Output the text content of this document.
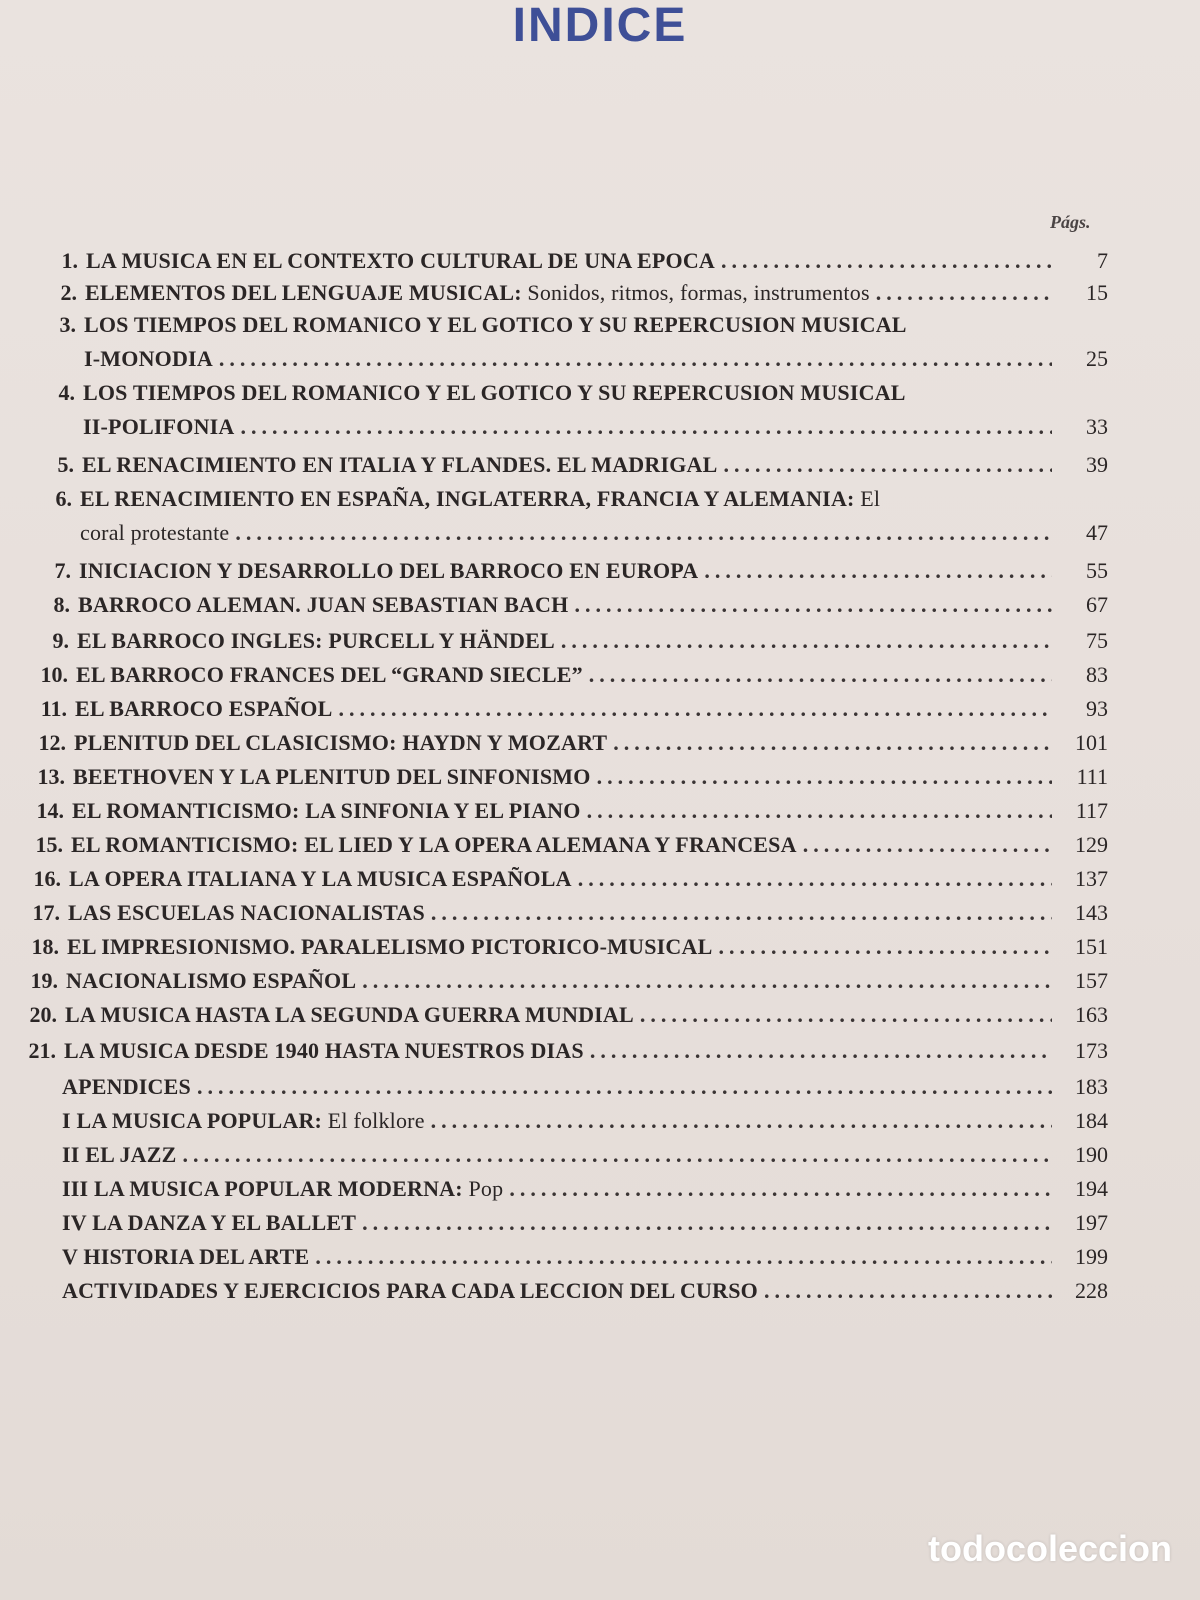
INDICE
Págs.
1. LA MUSICA EN EL CONTEXTO CULTURAL DE UNA EPOCA .....	7
2. ELEMENTOS DEL LENGUAJE MUSICAL: Sonidos, ritmos, formas, instrumentos .....	15
3. LOS TIEMPOS DEL ROMANICO Y EL GOTICO Y SU REPERCUSION MUSICAL
I-MONODIA .....	25
4. LOS TIEMPOS DEL ROMANICO Y EL GOTICO Y SU REPERCUSION MUSICAL
II-POLIFONIA .....	33
5. EL RENACIMIENTO EN ITALIA Y FLANDES. EL MADRIGAL .....	39
6. EL RENACIMIENTO EN ESPAÑA, INGLATERRA, FRANCIA Y ALEMANIA: El
coral protestante .....	47
7. INICIACION Y DESARROLLO DEL BARROCO EN EUROPA .....	55
8. BARROCO ALEMAN. JUAN SEBASTIAN BACH .....	67
9. EL BARROCO INGLES: PURCELL Y HÄNDEL .....	75
10. EL BARROCO FRANCES DEL “GRAND SIECLE” .....	83
11. EL BARROCO ESPAÑOL .....	93
12. PLENITUD DEL CLASICISMO: HAYDN Y MOZART .....	101
13. BEETHOVEN Y LA PLENITUD DEL SINFONISMO .....	111
14. EL ROMANTICISMO: LA SINFONIA Y EL PIANO .....	117
15. EL ROMANTICISMO: EL LIED Y LA OPERA ALEMANA Y FRANCESA .....	129
16. LA OPERA ITALIANA Y LA MUSICA ESPAÑOLA .....	137
17. LAS ESCUELAS NACIONALISTAS .....	143
18. EL IMPRESIONISMO. PARALELISMO PICTORICO-MUSICAL .....	151
19. NACIONALISMO ESPAÑOL .....	157
20. LA MUSICA HASTA LA SEGUNDA GUERRA MUNDIAL .....	163
21. LA MUSICA DESDE 1940 HASTA NUESTROS DIAS .....	173
APENDICES .....	183
I LA MUSICA POPULAR: El folklore .....	184
II EL JAZZ .....	190
III LA MUSICA POPULAR MODERNA: Pop .....	194
IV LA DANZA Y EL BALLET .....	197
V HISTORIA DEL ARTE .....	199
ACTIVIDADES Y EJERCICIOS PARA CADA LECCION DEL CURSO .....	228
todocoleccion
